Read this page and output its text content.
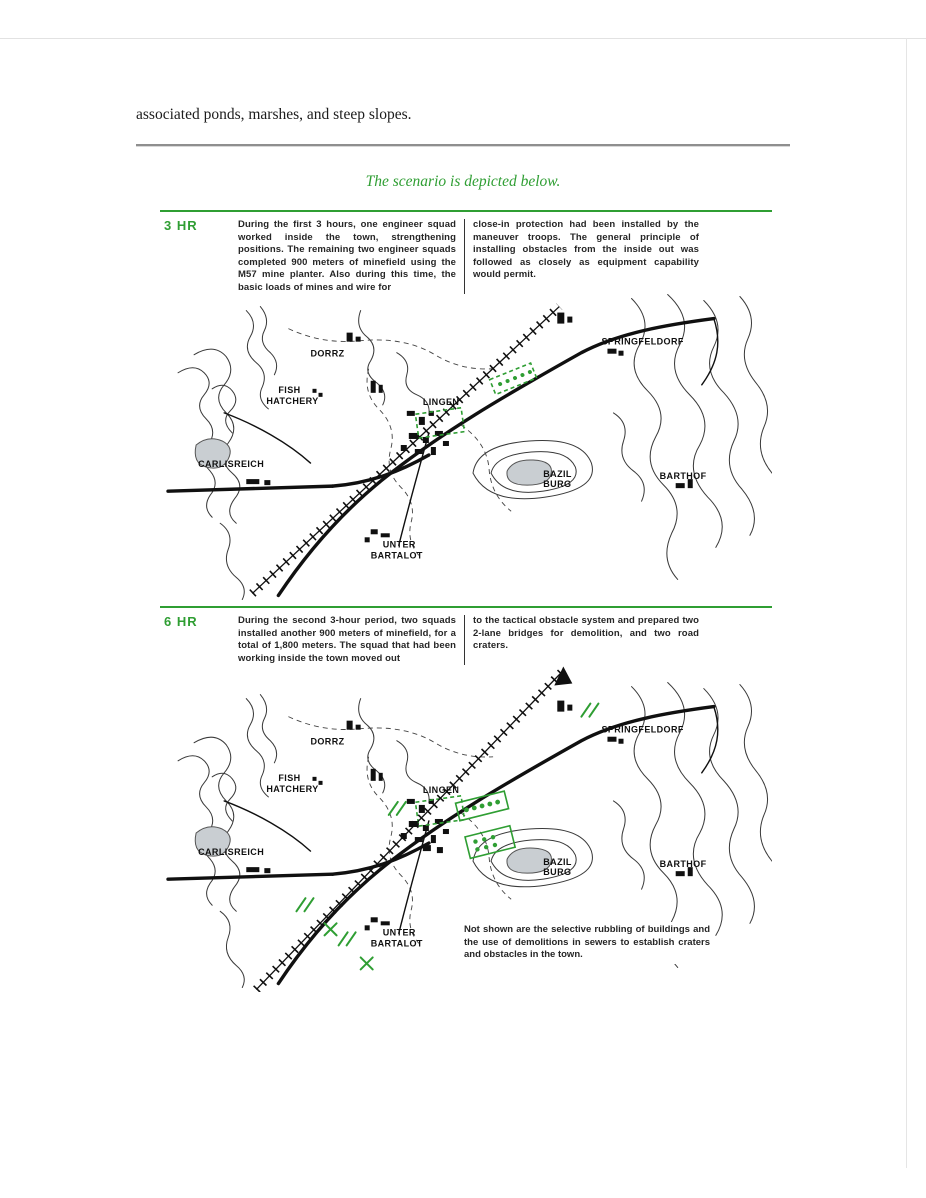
associated ponds, marshes, and steep slopes.

The scenario is depicted below.

3 HR	During the first 3 hours, one engineer squad worked inside the town, strengthening positions. The remaining two engineer squads completed 900 meters of minefield using the M57 mine planter. Also during this time, the basic loads of mines and wire for

close-in protection had been installed by the maneuver troops. The general principle of installing obstacles from the inside out was followed as closely as equipment capability would permit.

DORRZ
FISH
HATCHERY	LINGEN
SPRINGFELDORF
CARLISREICH
BAZIL
BURG
BARTHOF
UNTER
BARTALOT
6 HR	During the second 3-hour period, two squads installed another 900 meters of minefield, for a total of 1,800 meters. The squad that had been working inside the town moved out

to the tactical obstacle system and prepared two 2-lane bridges for demolition, and two road craters.

DORRZ
FISH
HATCHERY	LINGEN
SPRINGFELDORF
CARLISREICH
BAZIL
BURG
BARTHOF
UNTER
BARTALOT

Not shown are the selective rubbling of buildings and the use of demolitions in sewers to establish craters and obstacles in the town.
